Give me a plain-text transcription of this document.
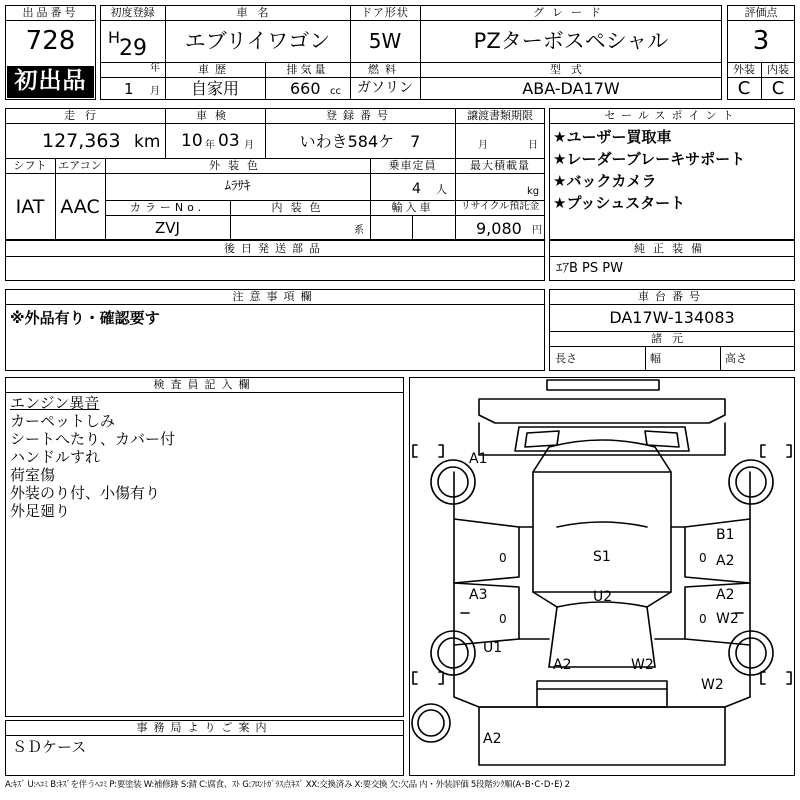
出品番号
728
初出品
初度登録
H
29
年
1 月
車名
エブリイワゴン
ドア形状
5W
グレード
PZターボスペシャル
車歴
自家用
排気量
660 cc
燃料
ガソリン
型式
ABA-DA17W
評価点
3
外装	内装
C	C
走行
127,363 km
車検
10 年 03 月
登録番号
いわき584ケ　7
譲渡書類期限
月	日
シフト
IAT
エアコン
AAC
外装色
ﾑﾗｻｷ
乗車定員
4 人
最大積載量
kg
カラーNo.
ZVJ
内装色
系
輸入車	リサイクル預託金
9,080 円
後日発送部品
セールスポイント
★ユーザー買取車
★レーダーブレーキサポート
★バックカメラ
★プッシュスタート
純正装備
ｴｱB PS PW
注意事項欄
※外品有り・確認要す
車台番号
DA17W-134083
諸元
長さ	幅	高さ
検査員記入欄
エンジン異音
カーペットしみ
シートへたり、カバー付
ハンドルすれ
荷室傷
外装のり付、小傷有り
外足廻り
事務局よりご案内
ＳＤケース
A1
B1
A2
S1
A3	U2	A2
W2
U1
A2	W2
W2
A2
0	0
0	0
A:ｷｽﾞ U:ﾍｺﾐ B:ｷｽﾞを伴うﾍｺﾐ P:要塗装 W:補修跡 S:錆 C:腐食、ｽﾄ G:ﾌﾛﾝﾄｶﾞﾗｽ点ｷｽﾞ XX:交換済み X:要交換 欠:欠品 内・外装評価 5段階ﾗﾝｸ順(A･B･C･D･E) 2
